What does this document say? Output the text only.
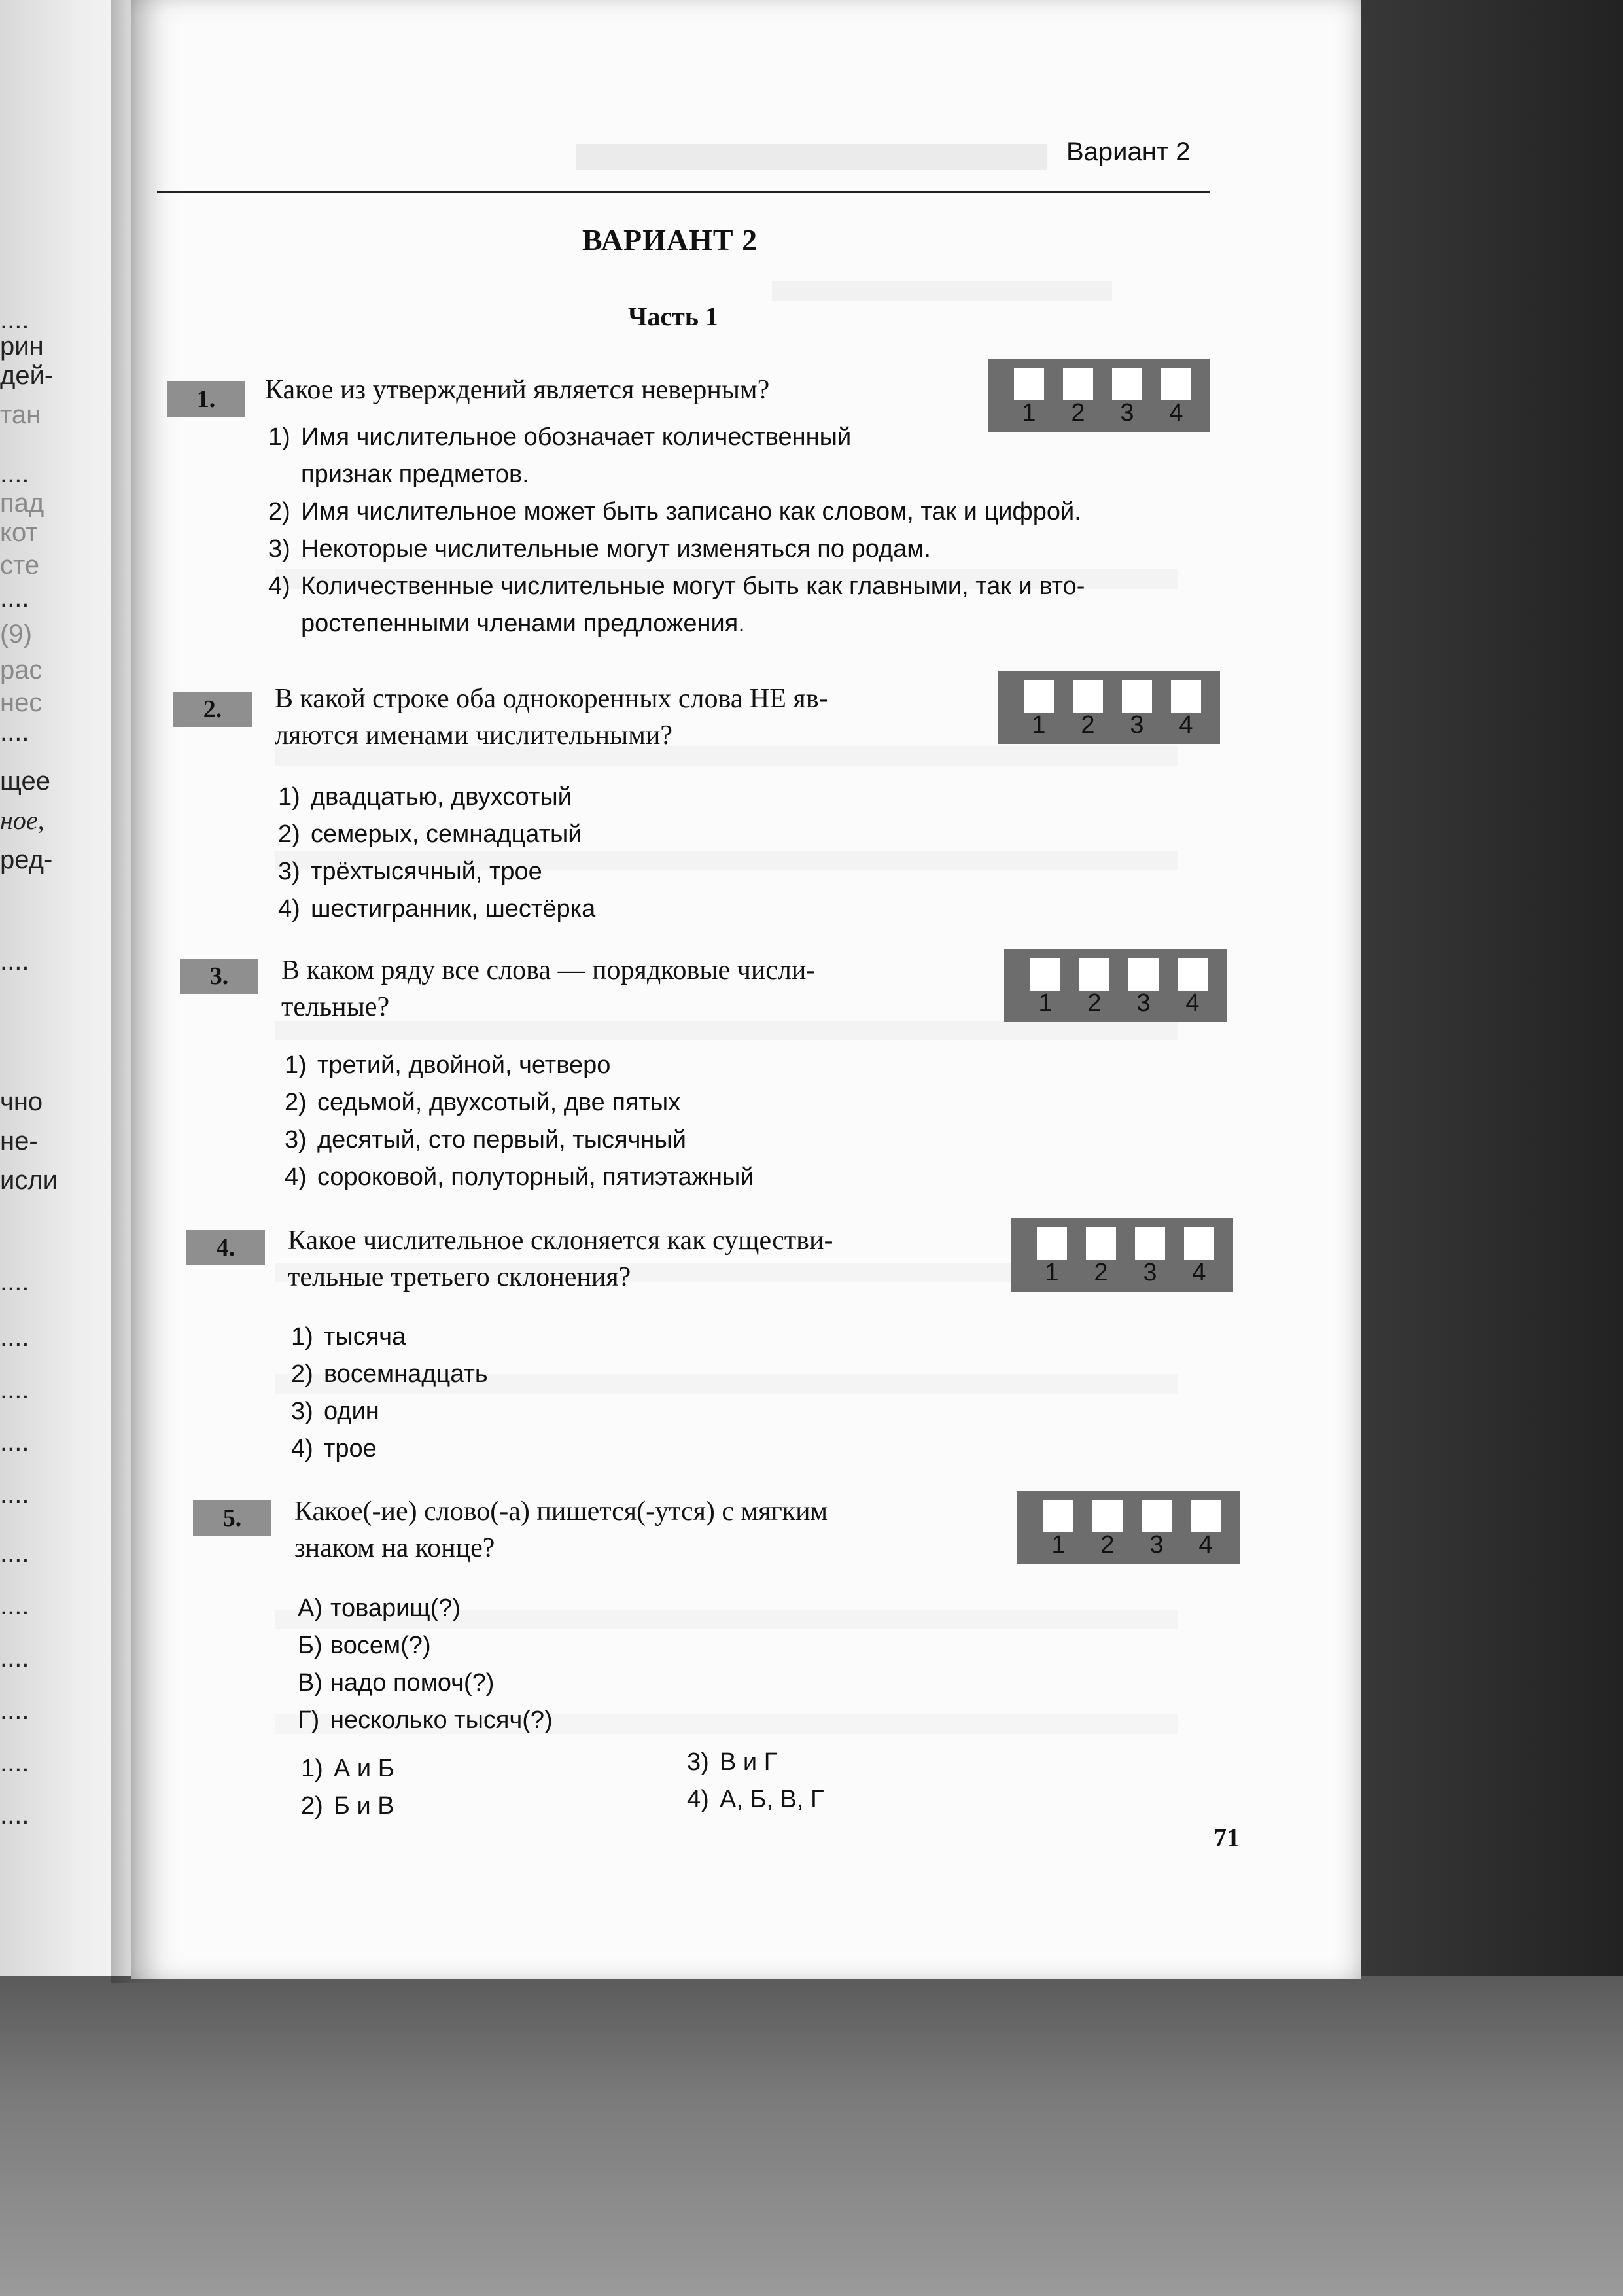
....
рин
дей-
тан
....
пад
кот
сте
....
(9)
рас
нес
....
щее
ное,
ред-
....
чно
не-
исли
....
....
....
....
....
....
....
....
....
....
....
Вариант 2
ВАРИАНТ 2
Часть 1
1.	Какое из утверждений является неверным?
1) Имя числительное обозначает количественный
признак предметов.
2) Имя числительное может быть записано как словом, так и цифрой.
3) Некоторые числительные могут изменяться по родам.
4) Количественные числительные могут быть как главными, так и вто-
ростепенными членами предложения.
1	2	3	4
2.	В какой строке оба однокоренных слова НЕ яв-
ляются именами числительными?
1) двадцатью, двухсотый
2) семерых, семнадцатый
3) трёхтысячный, трое
4) шестигранник, шестёрка
1	2	3	4
3.	В каком ряду все слова — порядковые числи-
тельные?
1) третий, двойной, четверо
2) седьмой, двухсотый, две пятых
3) десятый, сто первый, тысячный
4) сороковой, полуторный, пятиэтажный
1	2	3	4
4.	Какое числительное склоняется как существи-
тельные третьего склонения?
1) тысяча
2) восемнадцать
3) один
4) трое
1	2	3	4
5.	Какое(-ие) слово(-а) пишется(-утся) с мягким
знаком на конце?
А) товарищ(?)
Б) восем(?)
В) надо помоч(?)
Г) несколько тысяч(?)
1) А и Б
2) Б и В
3) В и Г
4) А, Б, В, Г
1	2	3	4
71
